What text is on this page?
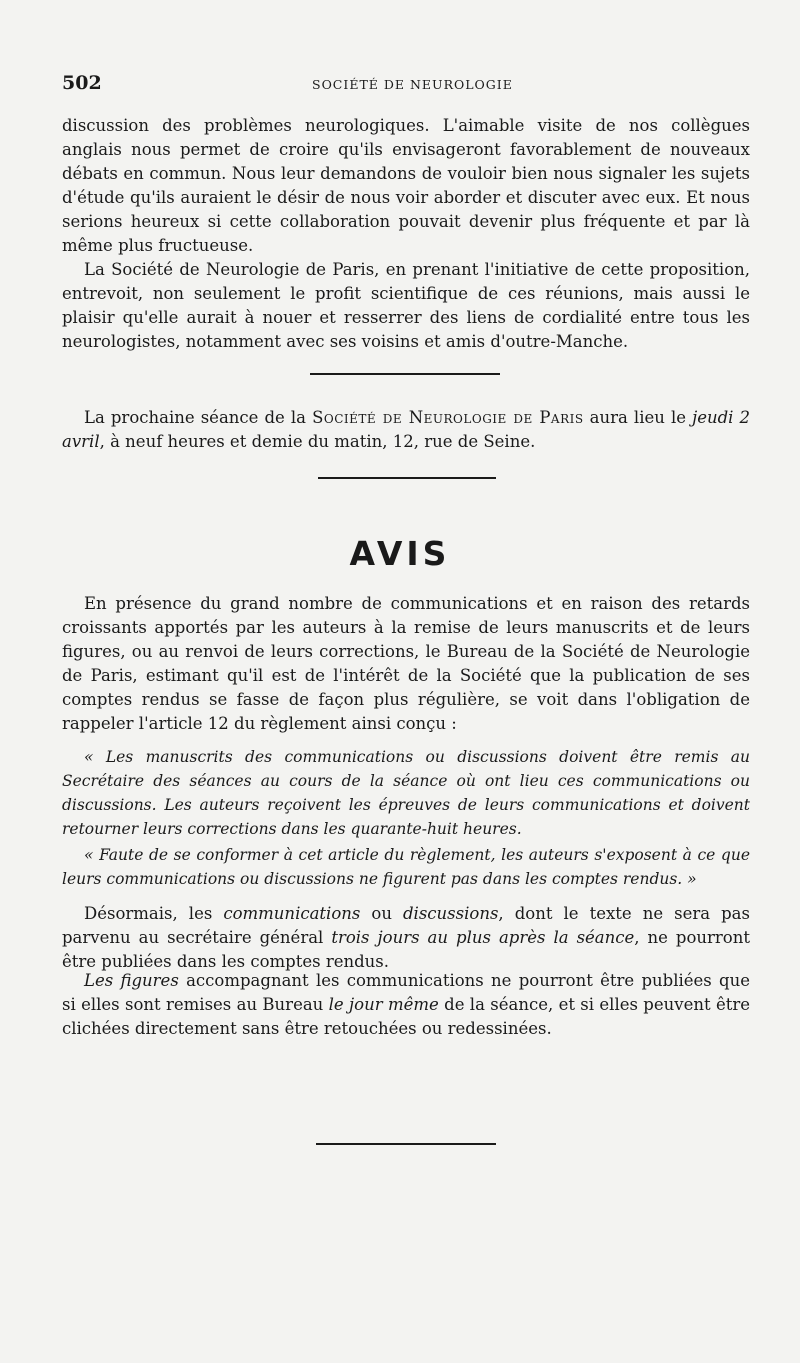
502	SOCIÉTÉ DE NEUROLOGIE

discussion des problèmes neurologiques. L'aimable visite de nos collègues anglais nous permet de croire qu'ils envisageront favorablement de nouveaux débats en commun. Nous leur demandons de vouloir bien nous signaler les sujets d'étude qu'ils auraient le désir de nous voir aborder et discuter avec eux. Et nous serions heureux si cette collaboration pouvait devenir plus fréquente et par là même plus fructueuse.

La Société de Neurologie de Paris, en prenant l'initiative de cette proposition, entrevoit, non seulement le profit scientifique de ces réunions, mais aussi le plaisir qu'elle aurait à nouer et resserrer des liens de cordialité entre tous les neurologistes, notamment avec ses voisins et amis d'outre-Manche.

La prochaine séance de la Société de Neurologie de Paris aura lieu le jeudi 2 avril, à neuf heures et demie du matin, 12, rue de Seine.

AVIS

En présence du grand nombre de communications et en raison des retards croissants apportés par les auteurs à la remise de leurs manuscrits et de leurs figures, ou au renvoi de leurs corrections, le Bureau de la Société de Neurologie de Paris, estimant qu'il est de l'intérêt de la Société que la publication de ses comptes rendus se fasse de façon plus régulière, se voit dans l'obligation de rappeler l'article 12 du règlement ainsi conçu :

« Les manuscrits des communications ou discussions doivent être remis au Secrétaire des séances au cours de la séance où ont lieu ces communications ou discussions. Les auteurs reçoivent les épreuves de leurs communications et doivent retourner leurs corrections dans les quarante-huit heures.

« Faute de se conformer à cet article du règlement, les auteurs s'exposent à ce que leurs communications ou discussions ne figurent pas dans les comptes rendus. »

Désormais, les communications ou discussions, dont le texte ne sera pas parvenu au secrétaire général trois jours au plus après la séance, ne pourront être publiées dans les comptes rendus.

Les figures accompagnant les communications ne pourront être publiées que si elles sont remises au Bureau le jour même de la séance, et si elles peuvent être clichées directement sans être retouchées ou redessinées.
